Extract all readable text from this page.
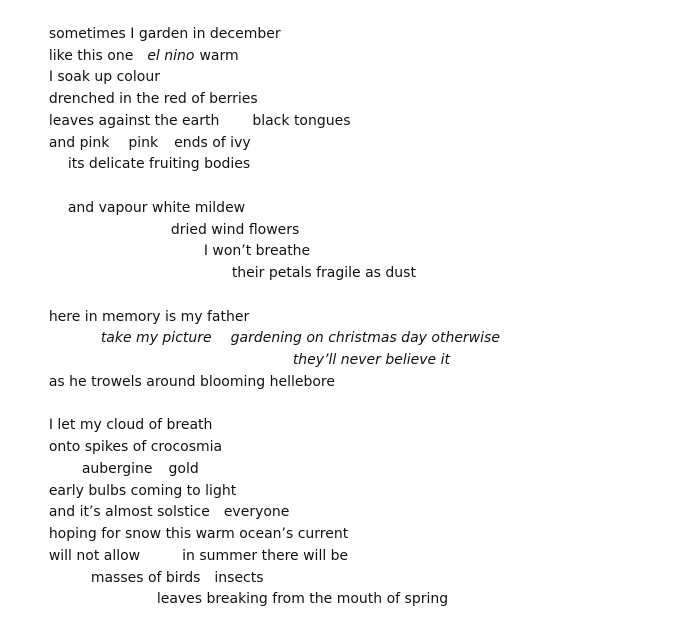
sometimes I garden in december

like this one el nino warm

I soak up colour

drenched in the red of berries

leaves against the earth black tongues

and pink pink ends of ivy

its delicate fruiting bodies

and vapour white mildew

dried wind flowers

I won’t breathe

their petals fragile as dust

here in memory is my father

take my picture gardening on christmas day otherwise

they’ll never believe it

as he trowels around blooming hellebore

I let my cloud of breath

onto spikes of crocosmia

aubergine gold

early bulbs coming to light

and it’s almost solstice everyone

hoping for snow this warm ocean’s current

will not allow	in summer there will be

masses of birds insects

leaves breaking from the mouth of spring
